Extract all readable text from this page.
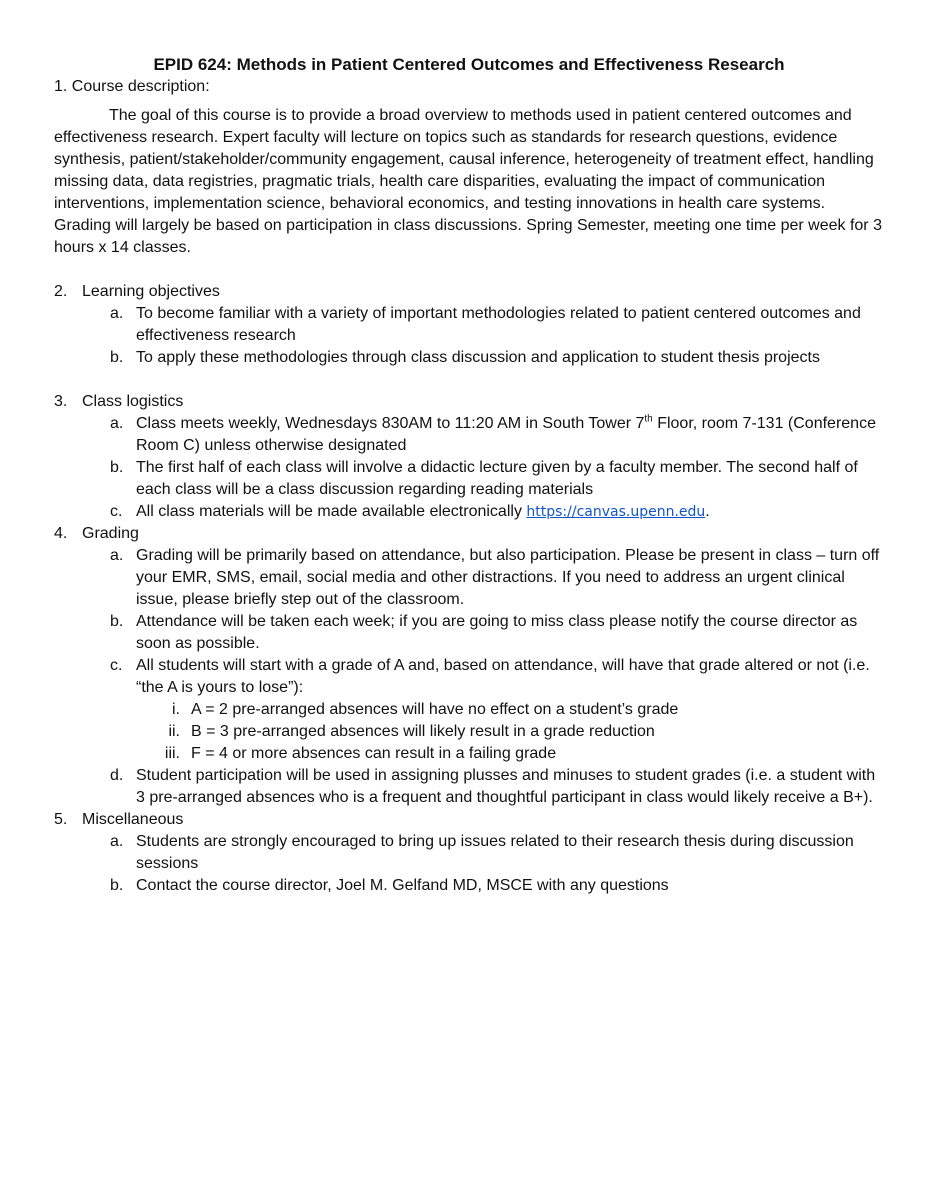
EPID 624: Methods in Patient Centered Outcomes and Effectiveness Research
1. Course description:

The goal of this course is to provide a broad overview to methods used in patient centered outcomes and effectiveness research. Expert faculty will lecture on topics such as standards for research questions, evidence synthesis, patient/stakeholder/community engagement, causal inference, heterogeneity of treatment effect, handling missing data, data registries, pragmatic trials, health care disparities, evaluating the impact of communication interventions, implementation science, behavioral economics, and testing innovations in health care systems. Grading will largely be based on participation in class discussions. Spring Semester, meeting one time per week for 3 hours x 14 classes.

2. Learning objectives
a. To become familiar with a variety of important methodologies related to patient centered outcomes and effectiveness research
b. To apply these methodologies through class discussion and application to student thesis projects
3. Class logistics
a. Class meets weekly, Wednesdays 830AM to 11:20 AM in South Tower 7th Floor, room 7-131 (Conference Room C) unless otherwise designated
b. The first half of each class will involve a didactic lecture given by a faculty member. The second half of each class will be a class discussion regarding reading materials
c. All class materials will be made available electronically https://canvas.upenn.edu.
4. Grading
a. Grading will be primarily based on attendance, but also participation. Please be present in class – turn off your EMR, SMS, email, social media and other distractions. If you need to address an urgent clinical issue, please briefly step out of the classroom.
b. Attendance will be taken each week; if you are going to miss class please notify the course director as soon as possible.
c. All students will start with a grade of A and, based on attendance, will have that grade altered or not (i.e. “the A is yours to lose”):
i. A = 2 pre-arranged absences will have no effect on a student’s grade
ii. B = 3 pre-arranged absences will likely result in a grade reduction
iii. F = 4 or more absences can result in a failing grade
d. Student participation will be used in assigning plusses and minuses to student grades (i.e. a student with 3 pre-arranged absences who is a frequent and thoughtful participant in class would likely receive a B+).
5. Miscellaneous
a. Students are strongly encouraged to bring up issues related to their research thesis during discussion sessions
b. Contact the course director, Joel M. Gelfand MD, MSCE with any questions
